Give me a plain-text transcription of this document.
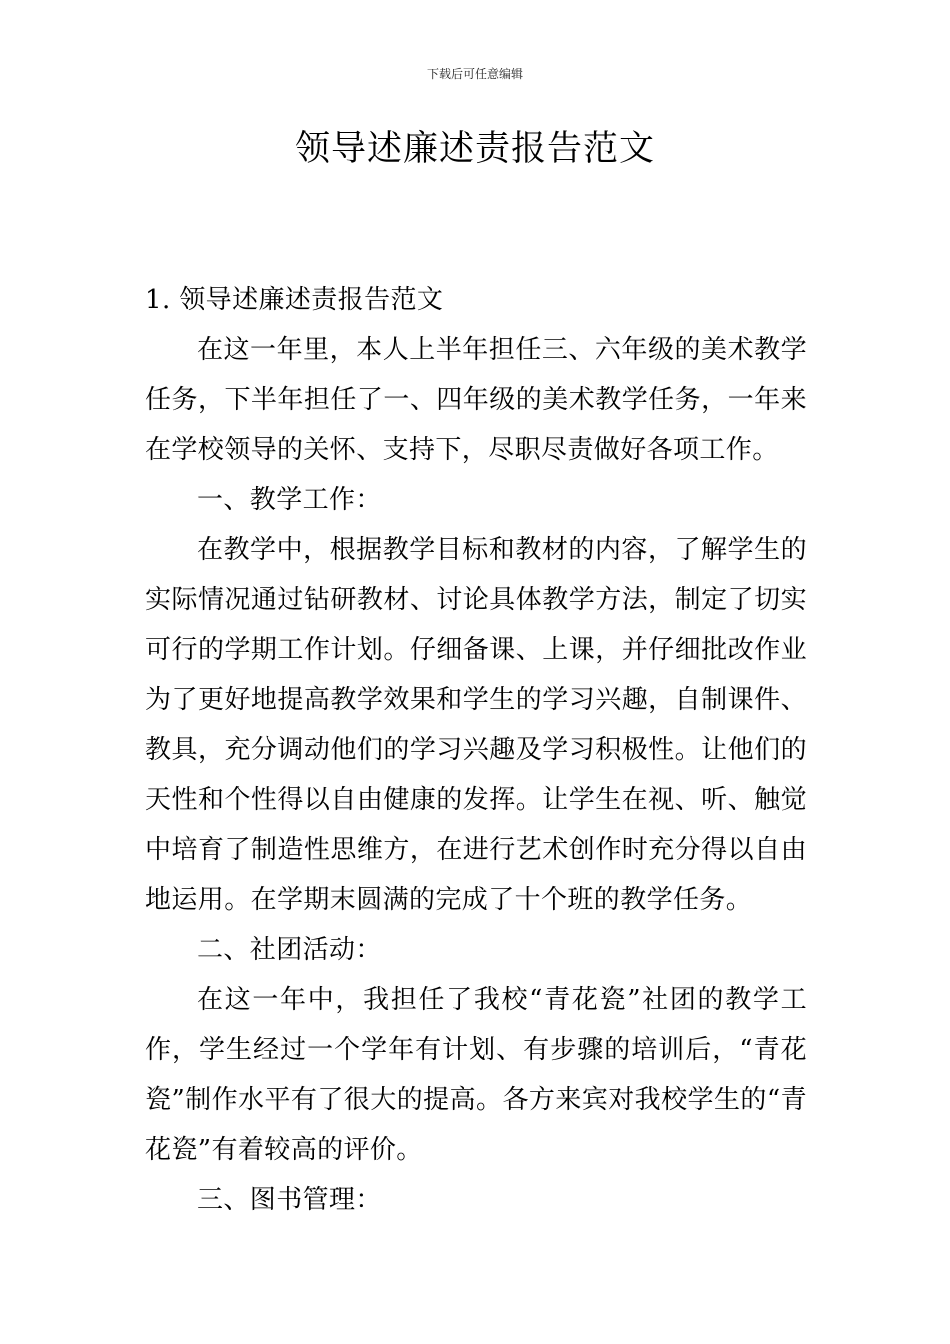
下载后可任意编辑
领导述廉述责报告范文

1. 领导述廉述责报告范文

在这一年里，本人上半年担任三、六年级的美术教学任务，下半年担任了一、四年级的美术教学任务，一年来在学校领导的关怀、支持下，尽职尽责做好各项工作。

一、教学工作：

在教学中，根据教学目标和教材的内容，了解学生的实际情况通过钻研教材、讨论具体教学方法，制定了切实可行的学期工作计划。仔细备课、上课，并仔细批改作业为了更好地提高教学效果和学生的学习兴趣，自制课件、教具，充分调动他们的学习兴趣及学习积极性。让他们的天性和个性得以自由健康的发挥。让学生在视、听、触觉中培育了制造性思维方，在进行艺术创作时充分得以自由地运用。在学期末圆满的完成了十个班的教学任务。

二、社团活动：

在这一年中，我担任了我校“青花瓷”社团的教学工作，学生经过一个学年有计划、有步骤的培训后，“青花瓷”制作水平有了很大的提高。各方来宾对我校学生的“青花瓷”有着较高的评价。

三、图书管理：
